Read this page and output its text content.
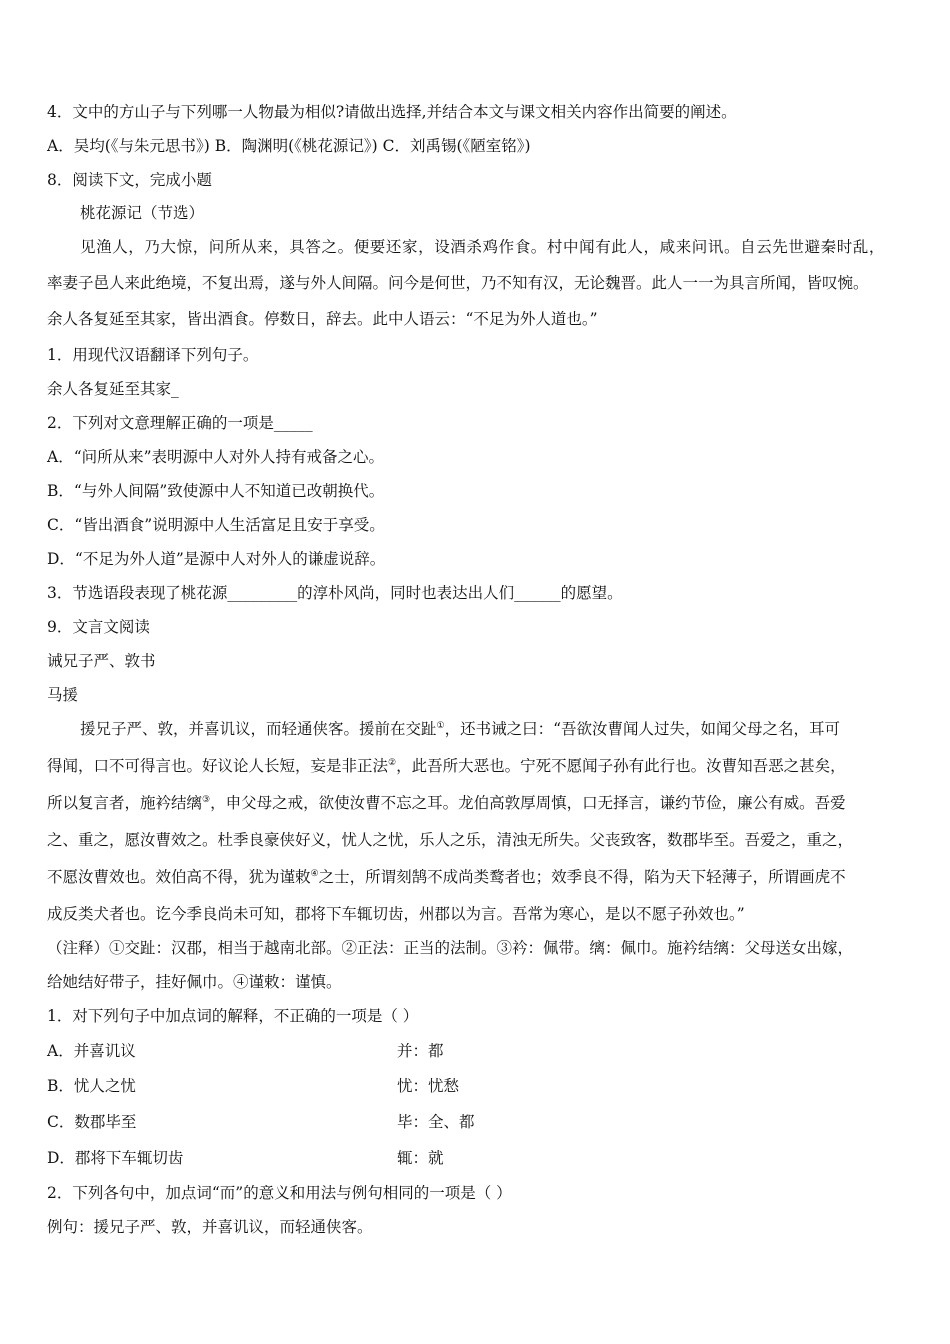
4．文中的方山子与下列哪一人物最为相似?请做出选择,并结合本文与课文相关内容作出简要的阐述。
A．吴均(《与朱元思书》) B．陶渊明(《桃花源记》) C．刘禹锡(《陋室铭》)
8．阅读下文，完成小题
桃花源记（节选）
见渔人，乃大惊，问所从来，具答之。便要还家，设酒杀鸡作食。村中闻有此人，咸来问讯。自云先世避秦时乱，
率妻子邑人来此绝境，不复出焉，遂与外人间隔。问今是何世，乃不知有汉，无论魏晋。此人一一为具言所闻，皆叹惋。
余人各复延至其家，皆出酒食。停数日，辞去。此中人语云：“不足为外人道也。”
1．用现代汉语翻译下列句子。
余人各复延至其家_
2．下列对文意理解正确的一项是_____
A．“问所从来”表明源中人对外人持有戒备之心。
B．“与外人间隔”致使源中人不知道已改朝换代。
C．“皆出酒食”说明源中人生活富足且安于享受。
D．“不足为外人道”是源中人对外人的谦虚说辞。
3．节选语段表现了桃花源_________的淳朴风尚，同时也表达出人们______的愿望。
9．文言文阅读
诫兄子严、敦书
马援
援兄子严、敦，并喜讥议，而轻通侠客。援前在交趾①，还书诫之曰：“吾欲汝曹闻人过失，如闻父母之名，耳可
得闻，口不可得言也。好议论人长短，妄是非正法②，此吾所大恶也。宁死不愿闻子孙有此行也。汝曹知吾恶之甚矣，
所以复言者，施衿结缡③，申父母之戒，欲使汝曹不忘之耳。龙伯高敦厚周慎，口无择言，谦约节俭，廉公有威。吾爱
之、重之，愿汝曹效之。杜季良豪侠好义，忧人之忧，乐人之乐，清浊无所失。父丧致客，数郡毕至。吾爱之，重之，
不愿汝曹效也。效伯高不得，犹为谨敕④之士，所谓刻鹄不成尚类鹜者也；效季良不得，陷为天下轻薄子，所谓画虎不
成反类犬者也。讫今季良尚未可知，郡将下车辄切齿，州郡以为言。吾常为寒心，是以不愿子孙效也。”
（注释）①交趾：汉郡，相当于越南北部。②正法：正当的法制。③衿：佩带。缡：佩巾。施衿结缡：父母送女出嫁，
给她结好带子，挂好佩巾。④谨敕：谨慎。
1．对下列句子中加点词的解释，不正确的一项是（ ）
A．并喜讥议	并：都
B．忧人之忧	忧：忧愁
C．数郡毕至	毕：全、都
D．郡将下车辄切齿	辄：就
2．下列各句中，加点词“而”的意义和用法与例句相同的一项是（ ）
例句：援兄子严、敦，并喜讥议，而轻通侠客。
